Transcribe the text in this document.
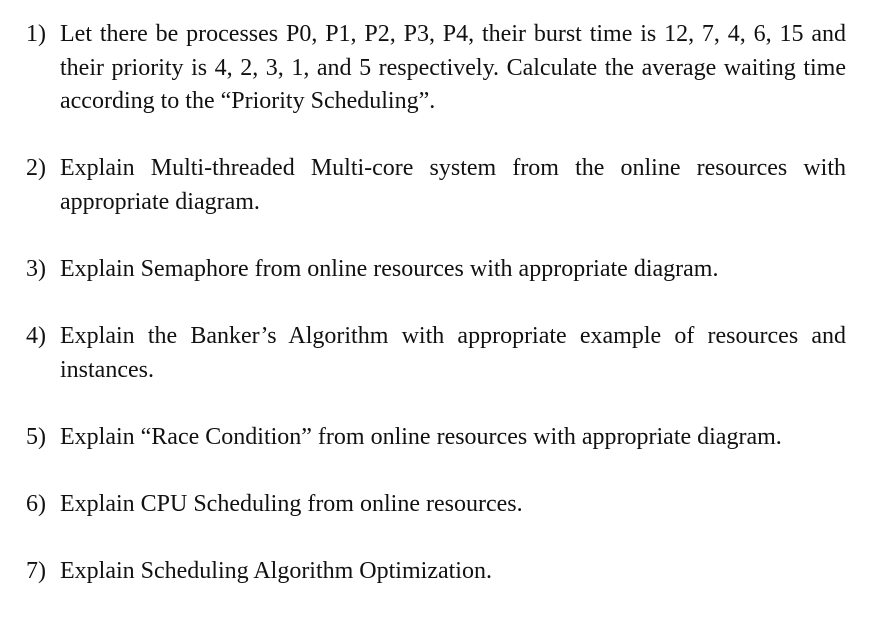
1) Let there be processes P0, P1, P2, P3, P4, their burst time is 12, 7, 4, 6, 15 and their priority is 4, 2, 3, 1, and 5 respectively. Calculate the average waiting time according to the “Priority Scheduling”.
2) Explain Multi-threaded Multi-core system from the online resources with appropriate diagram.
3) Explain Semaphore from online resources with appropriate diagram.
4) Explain the Banker’s Algorithm with appropriate example of resources and instances.
5) Explain “Race Condition” from online resources with appropriate diagram.
6) Explain CPU Scheduling from online resources.
7) Explain Scheduling Algorithm Optimization.
